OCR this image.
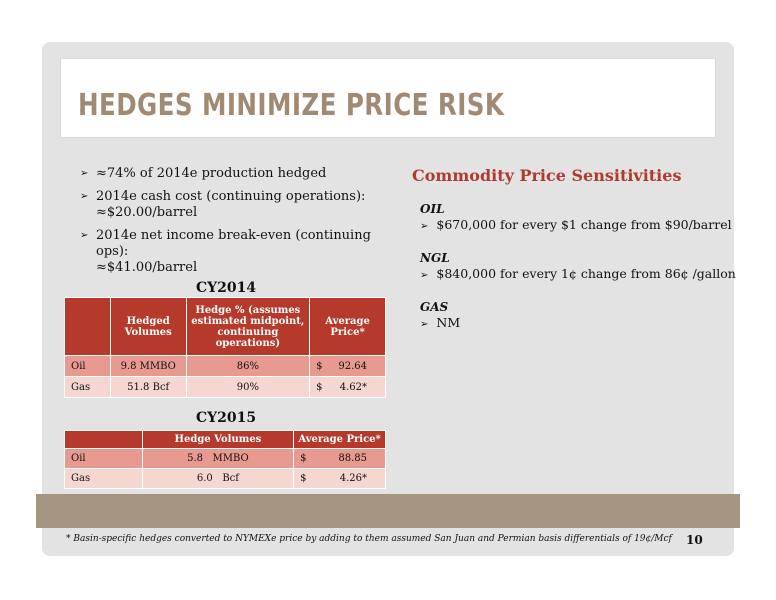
HEDGES MINIMIZE PRICE RISK
➢ ≈74% of 2014e production hedged
➢ 2014e cash cost (continuing operations):
≈$20.00/barrel
➢ 2014e net income break-even (continuing ops):
≈$41.00/barrel
Commodity Price Sensitivities
OIL
➢ $670,000 for every $1 change from $90/barrel
NGL
➢ $840,000 for every 1¢ change from 86¢ /gallon
GAS
➢ NM
CY2014
	Hedged Volumes	Hedge % (assumes estimated midpoint, continuing operations)	Average Price*
Oil	9.8 MMBO	86%	$ 92.64

Gas	51.8 Bcf	90%	$ 4.62*
CY2015
	Hedge Volumes	Average Price*
Oil	5.8 MMBO	$ 88.85

Gas	6.0 Bcf	$ 4.26*
* Basin-specific hedges converted to NYMEXe price by adding to them assumed San Juan and Permian basis differentials of 19¢/Mcf 10
